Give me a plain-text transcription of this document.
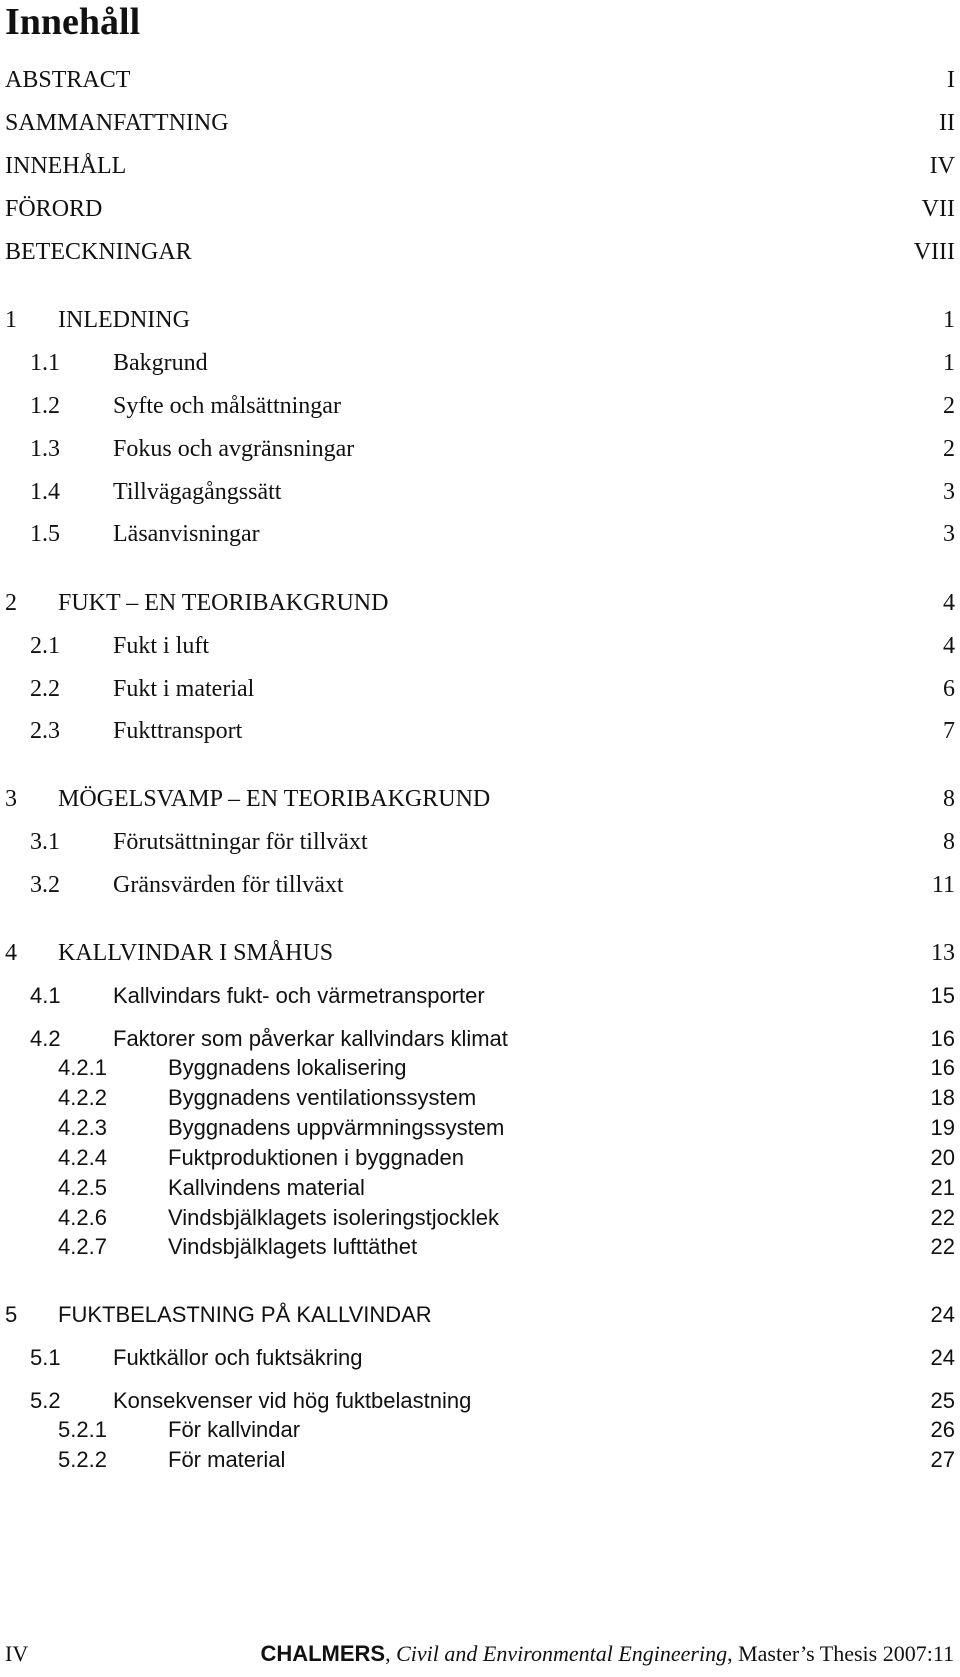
Innehåll
ABSTRACT	I
SAMMANFATTNING	II
INNEHÅLL	IV
FÖRORD	VII
BETECKNINGAR	VIII
1 INLEDNING	1
1.1 Bakgrund	1
1.2 Syfte och målsättningar	2
1.3 Fokus och avgränsningar	2
1.4 Tillvägagångssätt	3
1.5 Läsanvisningar	3
2 FUKT – EN TEORIBAKGRUND	4
2.1 Fukt i luft	4
2.2 Fukt i material	6
2.3 Fukttransport	7
3 MÖGELSVAMP – EN TEORIBAKGRUND	8
3.1 Förutsättningar för tillväxt	8
3.2 Gränsvärden för tillväxt	11
4 KALLVINDAR I SMÅHUS	13
4.1 Kallvindars fukt- och värmetransporter	15
4.2 Faktorer som påverkar kallvindars klimat	16
4.2.1	Byggnadens lokalisering	16
4.2.2	Byggnadens ventilationssystem	18
4.2.3	Byggnadens uppvärmningssystem	19
4.2.4	Fuktproduktionen i byggnaden	20
4.2.5	Kallvindens material	21
4.2.6	Vindsbjälklagets isoleringstjocklek	22
4.2.7	Vindsbjälklagets lufttäthet	22
5 FUKTBELASTNING PÅ KALLVINDAR	24
5.1 Fuktkällor och fuktsäkring	24
5.2 Konsekvenser vid hög fuktbelastning	25
5.2.1	För kallvindar	26
5.2.2	För material	27
IV	CHALMERS, Civil and Environmental Engineering, Master’s Thesis 2007:11
